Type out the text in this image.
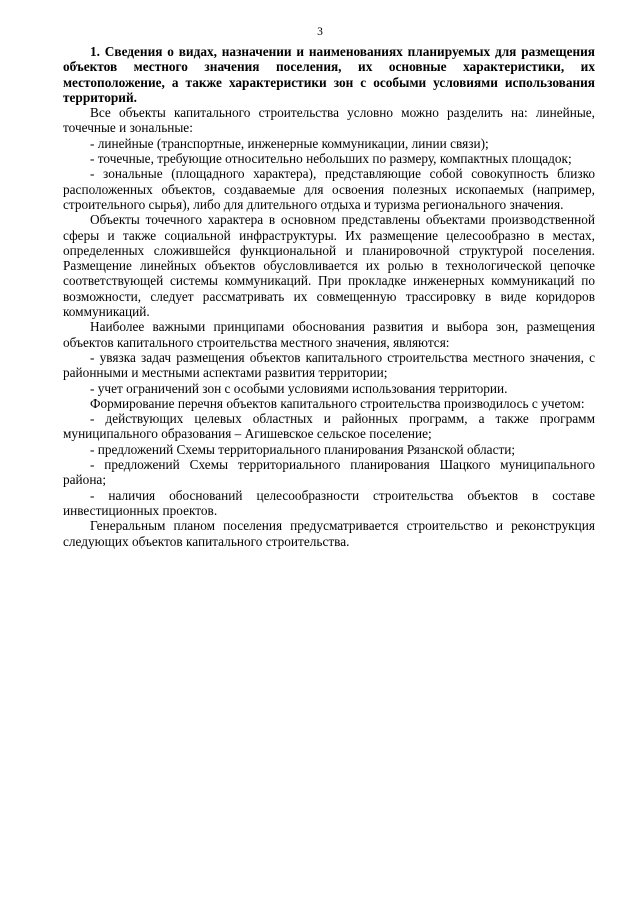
3

1. Сведения о видах, назначении и наименованиях планируемых для размещения объектов местного значения поселения, их основные характеристики, их местоположение, а также характеристики зон с особыми условиями использования территорий.

Все объекты капитального строительства условно можно разделить на: линейные, точечные и зональные:

- линейные (транспортные, инженерные коммуникации, линии связи);

- точечные, требующие относительно небольших по размеру, компактных площадок;

- зональные (площадного характера), представляющие собой совокупность близко расположенных объектов, создаваемые для освоения полезных ископаемых (например, строительного сырья), либо для длительного отдыха и туризма регионального значения.

Объекты точечного характера в основном представлены объектами производственной сферы и также социальной инфраструктуры. Их размещение целесообразно в местах, определенных сложившейся функциональной и планировочной структурой поселения. Размещение линейных объектов обусловливается их ролью в технологической цепочке соответствующей системы коммуникаций. При прокладке инженерных коммуникаций по возможности, следует рассматривать их совмещенную трассировку в виде коридоров коммуникаций.

Наиболее важными принципами обоснования развития и выбора зон, размещения объектов капитального строительства местного значения, являются:

- увязка задач размещения объектов капитального строительства местного значения, с районными и местными аспектами развития территории;

- учет ограничений зон с особыми условиями использования территории.

Формирование перечня объектов капитального строительства производилось с учетом:

- действующих целевых областных и районных программ, а также программ муниципального образования – Агишевское сельское поселение;

- предложений Схемы территориального планирования Рязанской области;

- предложений Схемы территориального планирования Шацкого муниципального района;

- наличия обоснований целесообразности строительства объектов в составе инвестиционных проектов.

Генеральным планом поселения предусматривается строительство и реконструкция следующих объектов капитального строительства.
